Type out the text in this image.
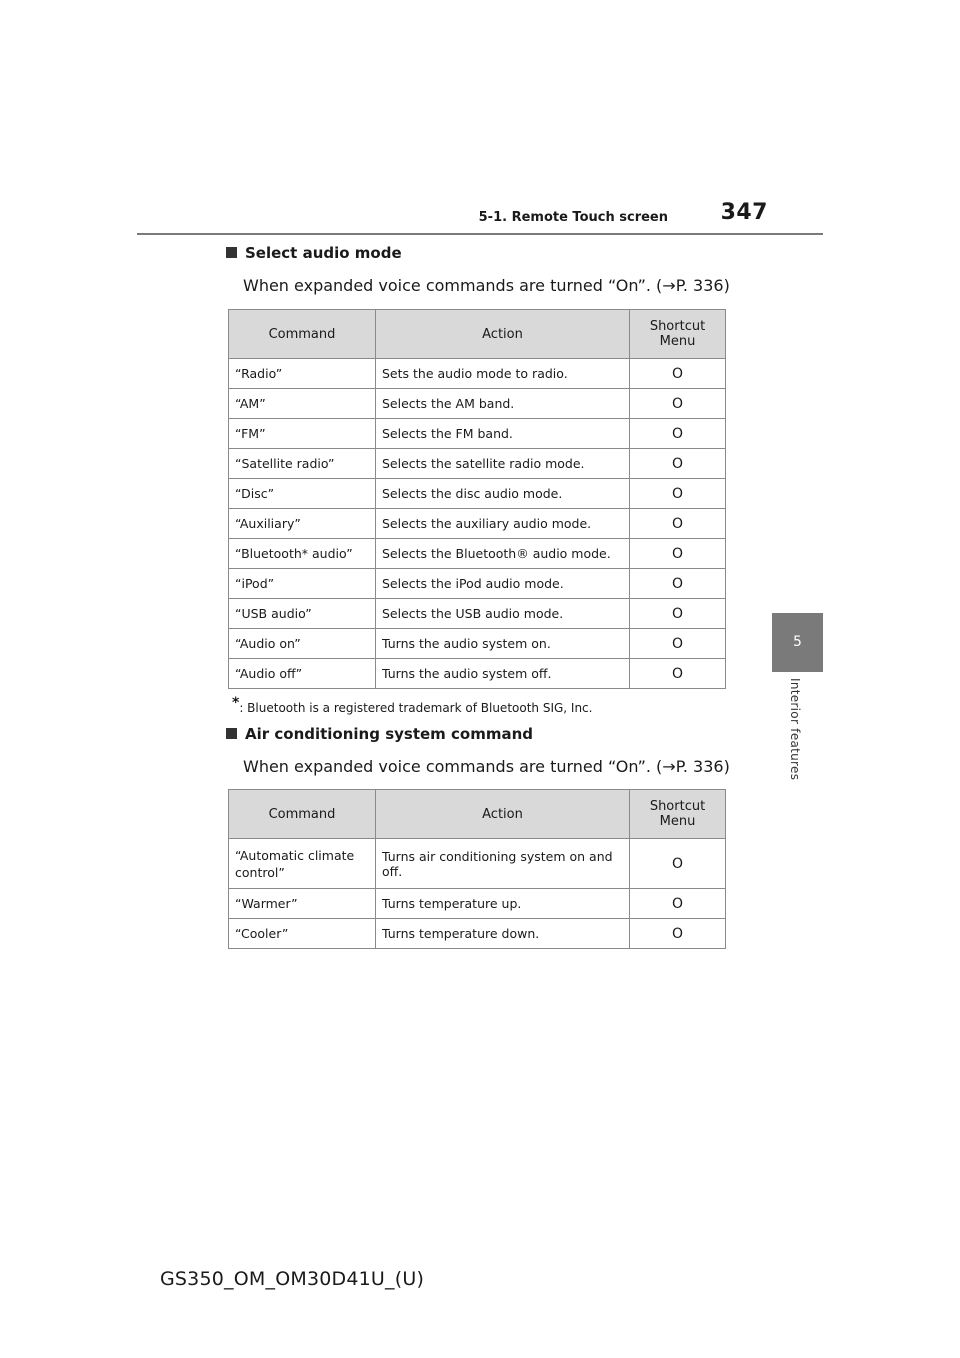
5-1. Remote Touch screen	347
5
Interior features
Select audio mode
When expanded voice commands are turned “On”. (→P. 336)
Command	Action	Shortcut Menu
“Radio”	Sets the audio mode to radio.	O
“AM”	Selects the AM band.	O
“FM”	Selects the FM band.	O
“Satellite radio”	Selects the satellite radio mode.	O
“Disc”	Selects the disc audio mode.	O
“Auxiliary”	Selects the auxiliary audio mode.	O
“Bluetooth* audio”	Selects the Bluetooth® audio mode.	O
“iPod”	Selects the iPod audio mode.	O
“USB audio”	Selects the USB audio mode.	O
“Audio on”	Turns the audio system on.	O
“Audio off”	Turns the audio system off.	O
*: Bluetooth is a registered trademark of Bluetooth SIG, Inc.
Air conditioning system command
When expanded voice commands are turned “On”. (→P. 336)
Command	Action	Shortcut Menu
“Automatic climate control”	Turns air conditioning system on and off.	O
“Warmer”	Turns temperature up.	O
“Cooler”	Turns temperature down.	O
GS350_OM_OM30D41U_(U)
